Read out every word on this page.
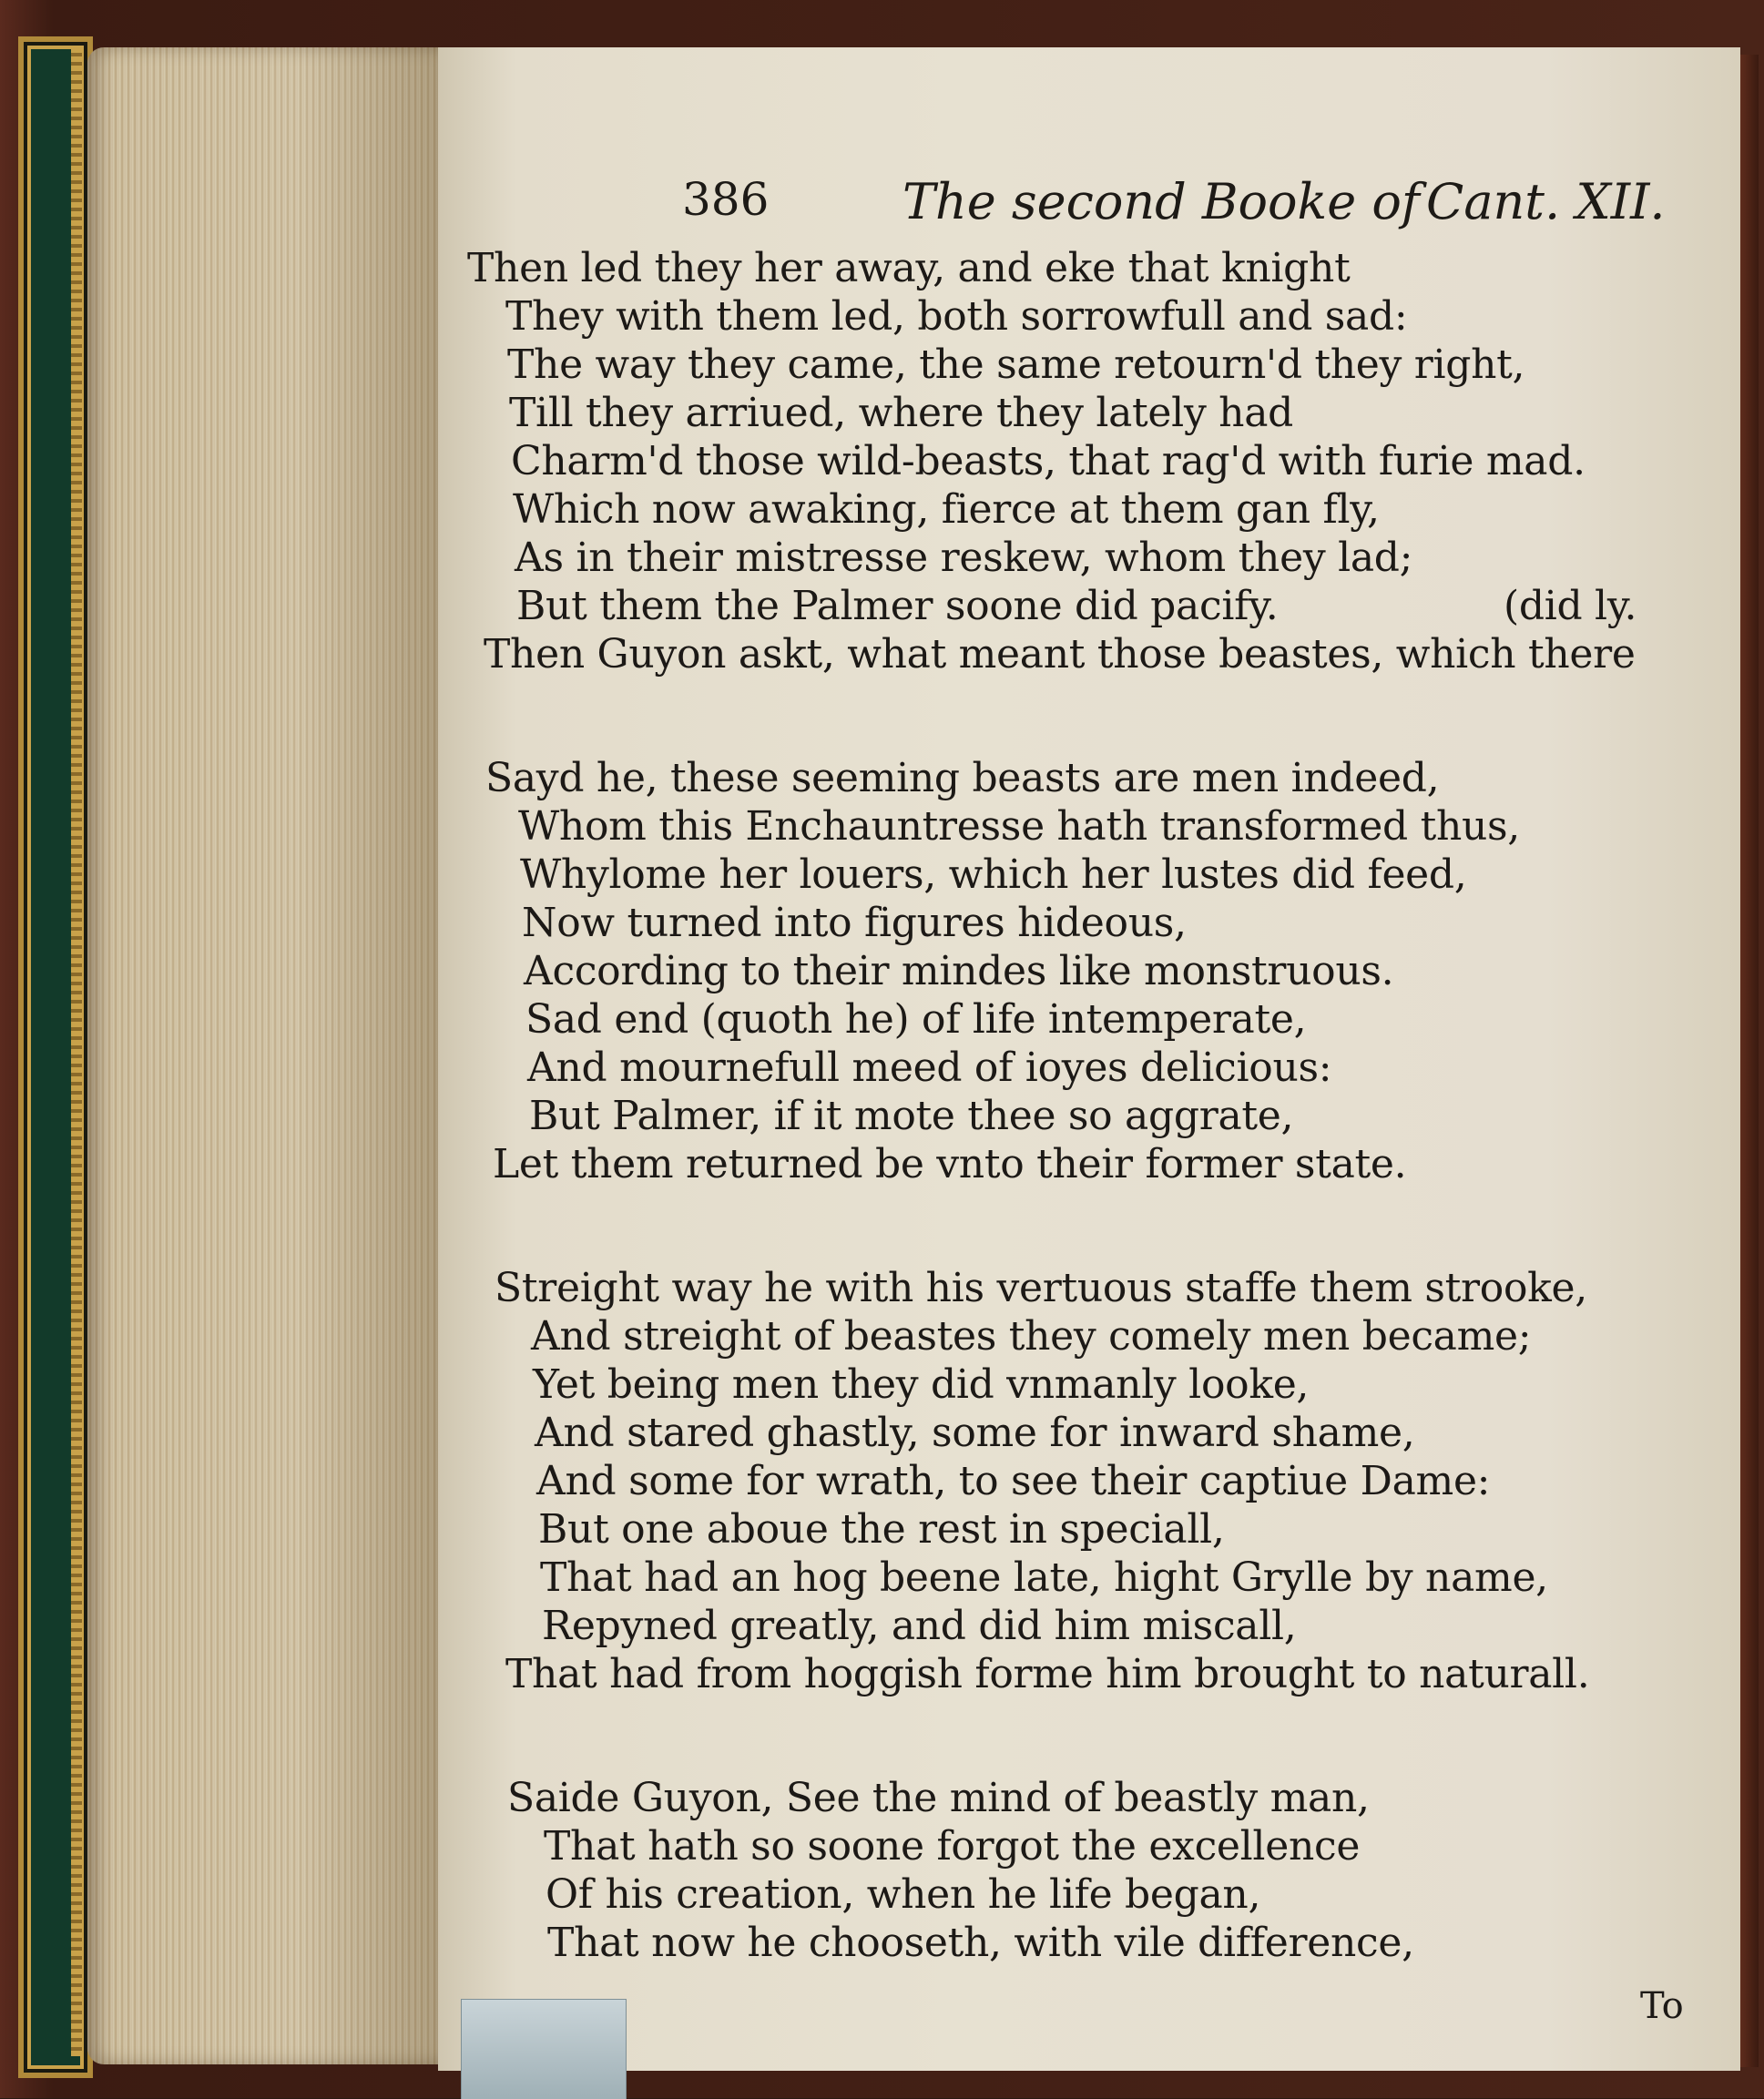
386	The second Booke of Cant. XII.
Then led they her away, and eke that knight
They with them led, both sorrowfull and sad:
The way they came, the same retourn'd they right,
Till they arriued, where they lately had
Charm'd those wild-beasts, that rag'd with furie mad.
Which now awaking, fierce at them gan fly,
As in their mistresse reskew, whom they lad;
But them the Palmer soone did pacify.	(did ly.
Then Guyon askt, what meant those beastes, which there
Sayd he, these seeming beasts are men indeed,
Whom this Enchauntresse hath transformed thus,
Whylome her louers, which her lustes did feed,
Now turned into figures hideous,
According to their mindes like monstruous.
Sad end (quoth he) of life intemperate,
And mournefull meed of ioyes delicious:
But Palmer, if it mote thee so aggrate,
Let them returned be vnto their former state.
Streight way he with his vertuous staffe them strooke,
And streight of beastes they comely men became;
Yet being men they did vnmanly looke,
And stared ghastly, some for inward shame,
And some for wrath, to see their captiue Dame:
But one aboue the rest in speciall,
That had an hog beene late, hight Grylle by name,
Repyned greatly, and did him miscall,
That had from hoggish forme him brought to naturall.
Saide Guyon, See the mind of beastly man,
That hath so soone forgot the excellence
Of his creation, when he life began,
That now he chooseth, with vile difference,
To
